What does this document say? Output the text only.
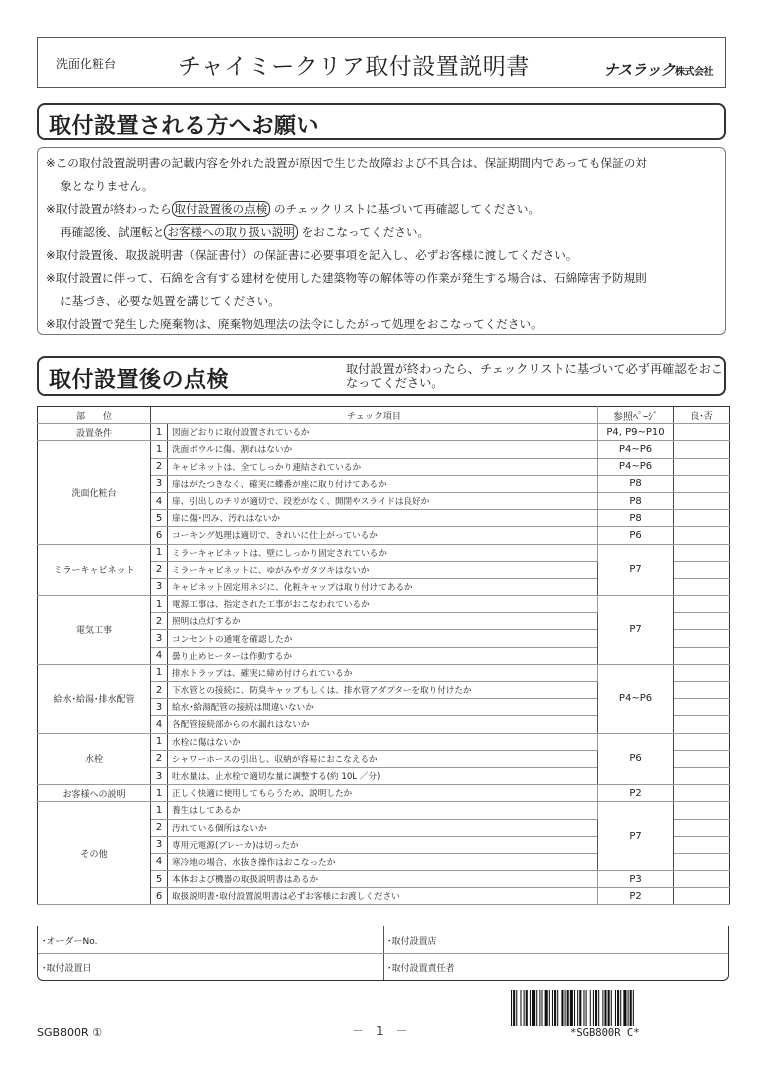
洗面化粧台	チャイミークリア取付設置説明書	ナスラック株式会社
取付設置される方へお願い

※この取付設置説明書の記載内容を外れた設置が原因で生じた故障および不具合は、保証期間内であっても保証の対

象となりません。

※取付設置が終わったら 取付設置後の点検 のチェックリストに基づいて再確認してください。

再確認後、試運転と お客様への取り扱い説明 をおこなってください。

※取付設置後、取扱説明書（保証書付）の保証書に必要事項を記入し、必ずお客様に渡してください。

※取付設置に伴って、石綿を含有する建材を使用した建築物等の解体等の作業が発生する場合は、石綿障害予防規則

に基づき、必要な処置を講じてください。

※取付設置で発生した廃棄物は、廃棄物処理法の法令にしたがって処理をおこなってください。

取付設置後の点検	取付設置が終わったら、チェックリストに基づいて必ず再確認をおこなってください。
部　　位	チェック項目		参照ﾍﾟｰｼﾞ	良･否
設置条件	1	図面どおりに取付設置されているか	P4, P9~P10	
洗面化粧台	1	洗面ボウルに傷、割れはないか	P4~P6	
	2	キャビネットは、全てしっかり連結されているか	P4~P6	
	3	扉はがたつきなく、確実に蝶番が座に取り付けてあるか	P8	
	4	扉、引出しのチリが適切で、段差がなく、開閉やスライドは良好か	P8	
	5	扉に傷･凹み、汚れはないか	P8	
	6	コーキング処理は適切で、きれいに仕上がっているか	P6	
ミラーキャビネット	1	ミラーキャビネットは、壁にしっかり固定されているか	P7	
	2	ミラーキャビネットに、ゆがみやガタツキはないか		
	3	キャビネット固定用ネジに、化粧キャップは取り付けてあるか		
電気工事	1	電源工事は、指定された工事がおこなわれているか	P7	
	2	照明は点灯するか		
	3	コンセントの通電を確認したか		
	4	曇り止めヒーターは作動するか		
給水･給湯･排水配管	1	排水トラップは、確実に締め付けられているか	P4~P6	
	2	下水管との接続に、防臭キャップもしくは、排水管アダプターを取り付けたか		
	3	給水･給湯配管の接続は間違いないか		
	4	各配管接続部からの水漏れはないか		
水栓	1	水栓に傷はないか	P6	
	2	シャワーホースの引出し、収納が容易におこなえるか		
	3	吐水量は、止水栓で適切な量に調整する(約 10L ／分)		
お客様への説明	1	正しく快適に使用してもらうため、説明したか	P2	
その他	1	養生はしてあるか	P7	
	2	汚れている個所はないか		
	3	専用元電源(ブレーカ)は切ったか		
	4	寒冷地の場合、水抜き操作はおこなったか		
	5	本体および機器の取扱説明書はあるか	P3	
	6	取扱説明書･取付設置説明書は必ずお客様にお渡しください	P2	
･オーダーNo.	･取付設置店
･取付設置日	･取付設置責任者
SGB800R ①	－　1　－	*SGB800R C*
